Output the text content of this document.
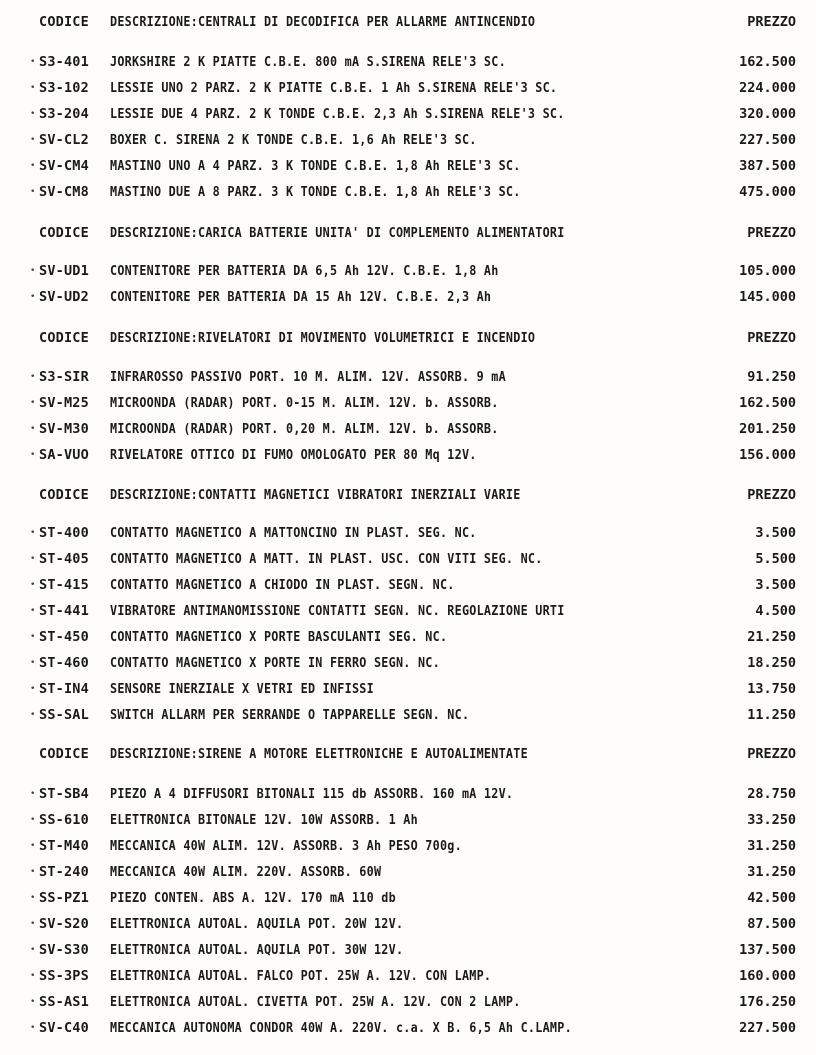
CODICE DESCRIZIONE:CENTRALI DI DECODIFICA PER ALLARME ANTINCENDIO	PREZZO
• S3-401 JORKSHIRE 2 K PIATTE C.B.E. 800 mA S.SIRENA RELE'3 SC.	162.500
• S3-102 LESSIE UNO 2 PARZ. 2 K PIATTE C.B.E. 1 Ah S.SIRENA RELE'3 SC.	224.000
• S3-204 LESSIE DUE 4 PARZ. 2 K TONDE C.B.E. 2,3 Ah S.SIRENA RELE'3 SC.	320.000
• SV-CL2 BOXER C. SIRENA 2 K TONDE C.B.E. 1,6 Ah RELE'3 SC.	227.500
• SV-CM4 MASTINO UNO A 4 PARZ. 3 K TONDE C.B.E. 1,8 Ah RELE'3 SC.	387.500
• SV-CM8 MASTINO DUE A 8 PARZ. 3 K TONDE C.B.E. 1,8 Ah RELE'3 SC.	475.000
CODICE DESCRIZIONE:CARICA BATTERIE UNITA' DI COMPLEMENTO ALIMENTATORI	PREZZO
• SV-UD1 CONTENITORE PER BATTERIA DA 6,5 Ah 12V. C.B.E. 1,8 Ah	105.000
• SV-UD2 CONTENITORE PER BATTERIA DA 15 Ah 12V. C.B.E. 2,3 Ah	145.000
CODICE DESCRIZIONE:RIVELATORI DI MOVIMENTO VOLUMETRICI E INCENDIO	PREZZO
• S3-SIR INFRAROSSO PASSIVO PORT. 10 M. ALIM. 12V. ASSORB. 9 mA	91.250
• SV-M25 MICROONDA (RADAR) PORT. 0-15 M. ALIM. 12V. b. ASSORB.	162.500
• SV-M30 MICROONDA (RADAR) PORT. 0,20 M. ALIM. 12V. b. ASSORB.	201.250
• SA-VUO RIVELATORE OTTICO DI FUMO OMOLOGATO PER 80 Mq 12V.	156.000
CODICE DESCRIZIONE:CONTATTI MAGNETICI VIBRATORI INERZIALI VARIE	PREZZO
• ST-400 CONTATTO MAGNETICO A MATTONCINO IN PLAST. SEG. NC.	3.500
• ST-405 CONTATTO MAGNETICO A MATT. IN PLAST. USC. CON VITI SEG. NC.	5.500
• ST-415 CONTATTO MAGNETICO A CHIODO IN PLAST. SEGN. NC.	3.500
• ST-441 VIBRATORE ANTIMANOMISSIONE CONTATTI SEGN. NC. REGOLAZIONE URTI	4.500
• ST-450 CONTATTO MAGNETICO X PORTE BASCULANTI SEG. NC.	21.250
• ST-460 CONTATTO MAGNETICO X PORTE IN FERRO SEGN. NC.	18.250
• ST-IN4 SENSORE INERZIALE X VETRI ED INFISSI	13.750
• SS-SAL SWITCH ALLARM PER SERRANDE O TAPPARELLE SEGN. NC.	11.250
CODICE DESCRIZIONE:SIRENE A MOTORE ELETTRONICHE E AUTOALIMENTATE	PREZZO
• ST-SB4 PIEZO A 4 DIFFUSORI BITONALI 115 db ASSORB. 160 mA 12V.	28.750
• SS-610 ELETTRONICA BITONALE 12V. 10W ASSORB. 1 Ah	33.250
• ST-M40 MECCANICA 40W ALIM. 12V. ASSORB. 3 Ah PESO 700g.	31.250
• ST-240 MECCANICA 40W ALIM. 220V. ASSORB. 60W	31.250
• SS-PZ1 PIEZO CONTEN. ABS A. 12V. 170 mA 110 db	42.500
• SV-S20 ELETTRONICA AUTOAL. AQUILA POT. 20W 12V.	87.500
• SV-S30 ELETTRONICA AUTOAL. AQUILA POT. 30W 12V.	137.500
• SS-3PS ELETTRONICA AUTOAL. FALCO POT. 25W A. 12V. CON LAMP.	160.000
• SS-AS1 ELETTRONICA AUTOAL. CIVETTA POT. 25W A. 12V. CON 2 LAMP.	176.250
• SV-C40 MECCANICA AUTONOMA CONDOR 40W A. 220V. c.a. X B. 6,5 Ah C.LAMP.	227.500
